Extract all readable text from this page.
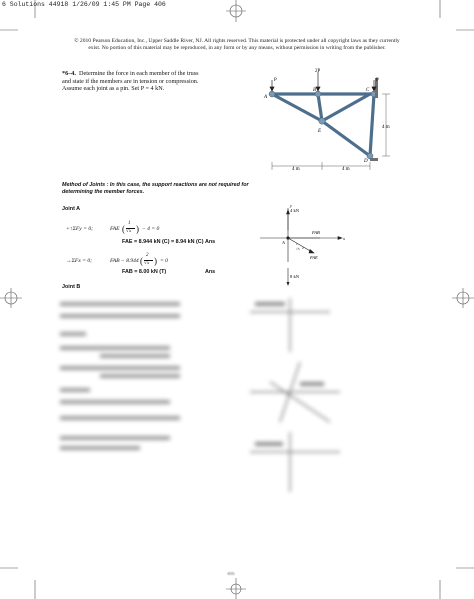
6 Solutions 44918 1/26/09 1:45 PM Page 406
© 2010 Pearson Education, Inc., Upper Saddle River, NJ. All rights reserved. This material is protected under all copyright laws as they currently
exist. No portion of this material may be reproduced, in any form or by any means, without permission in writing from the publisher.
*6–4. Determine the force in each member of the truss
and state if the members are in tension or compression.
Assume each joint as a pin. Set P = 4 kN.
P
2P
P
A
B	C
D
E
4 m
4 m	4 m
Method of Joints : In this case, the support reactions are not required for
determining the member forces.
Joint A
+↑ΣFy = 0;	FAE (
1
√5 ) − 4 = 0
FAE = 8.944 kN (C) = 8.94 kN (C) Ans
→ΣFx = 0;	FAB − 8.944 (
2
√5 ) = 0
FAB = 8.00 kN (T)	Ans
4 kN
FAB
FAE
x
y
A	1
2
√5
8 kN
Joint B
406
